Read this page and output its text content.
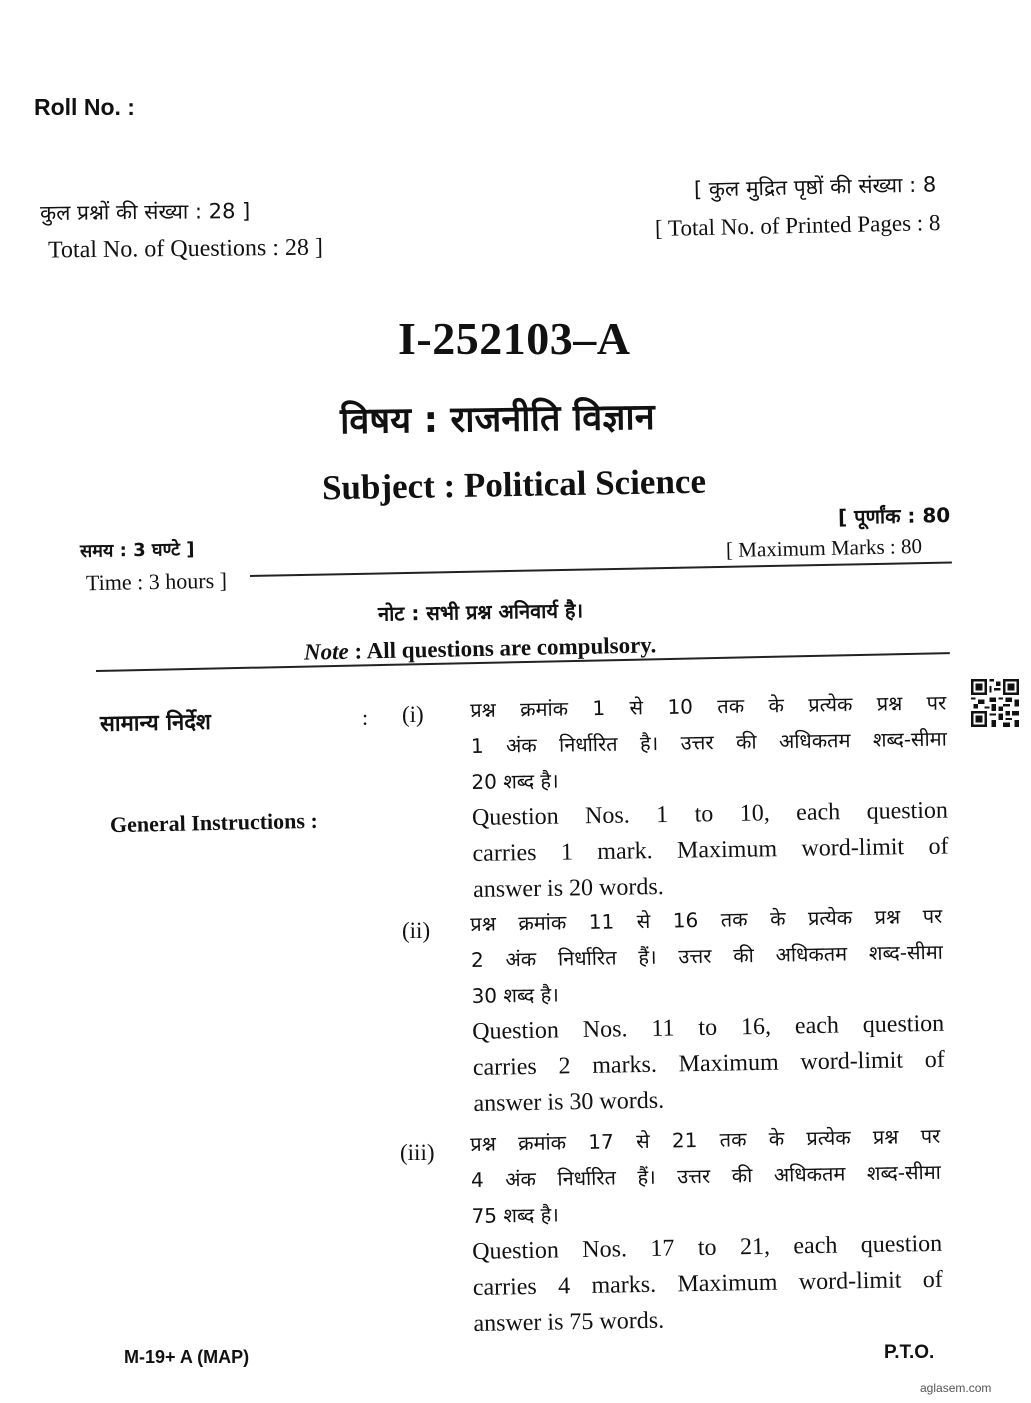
Roll No. :
कुल प्रश्नों की संख्या : 28 ]
Total No. of Questions : 28 ]
[ कुल मुद्रित पृष्ठों की संख्या : 8
[ Total No. of Printed Pages : 8
I-252103–A
विषय : राजनीति विज्ञान
Subject : Political Science
[ पूर्णांक : 80
[ Maximum Marks : 80
समय : 3 घण्टे ]
Time : 3 hours ]
नोट : सभी प्रश्न अनिवार्य है।
Note : All questions are compulsory.
सामान्य निर्देश	:
General Instructions :
(i) प्रश्न क्रमांक 1 से 10 तक के प्रत्येक प्रश्न पर
1 अंक निर्धारित है। उत्तर की अधिकतम शब्द-सीमा
20 शब्द है।
Question Nos. 1 to 10, each question
carries 1 mark. Maximum word-limit of
answer is 20 words.
(ii) प्रश्न क्रमांक 11 से 16 तक के प्रत्येक प्रश्न पर
2 अंक निर्धारित हैं। उत्तर की अधिकतम शब्द-सीमा
30 शब्द है।
Question Nos. 11 to 16, each question
carries 2 marks. Maximum word-limit of
answer is 30 words.
(iii) प्रश्न क्रमांक 17 से 21 तक के प्रत्येक प्रश्न पर
4 अंक निर्धारित हैं। उत्तर की अधिकतम शब्द-सीमा
75 शब्द है।
Question Nos. 17 to 21, each question
carries 4 marks. Maximum word-limit of
answer is 75 words.
M-19+ A (MAP)	P.T.O.
aglasem.com
